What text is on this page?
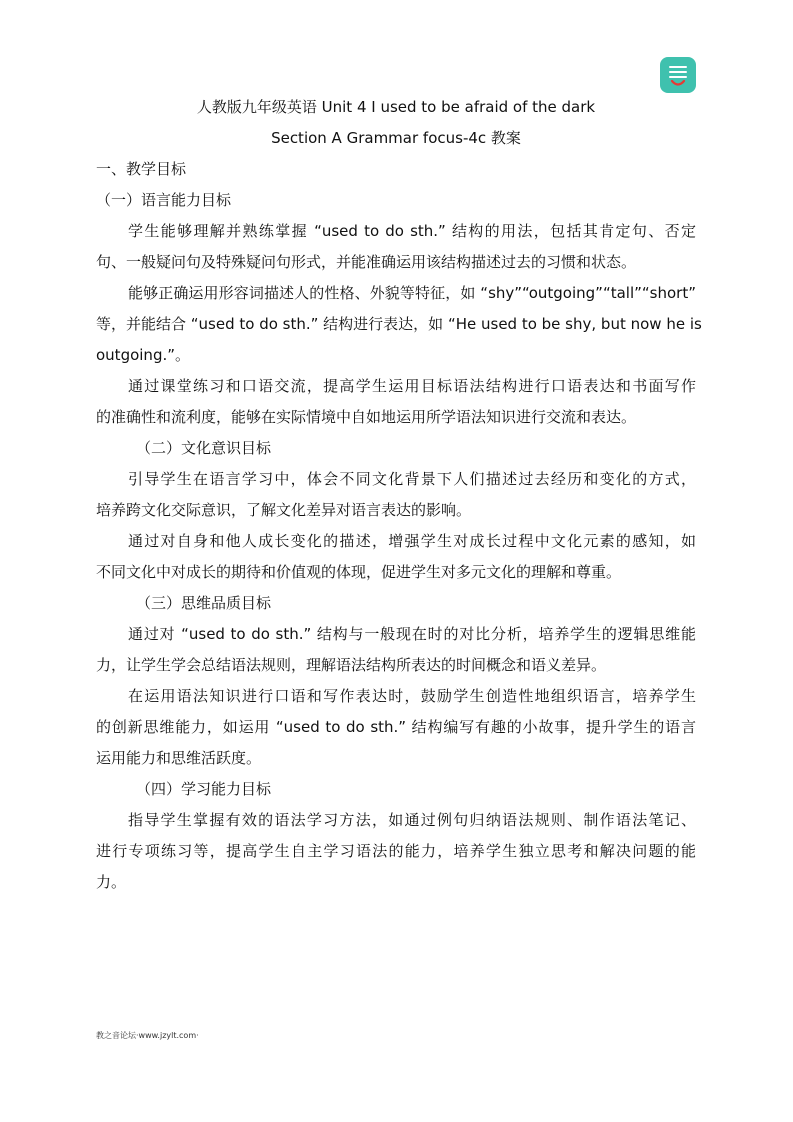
人教版九年级英语 Unit 4 I used to be afraid of the dark
Section A Grammar focus-4c 教案
一、教学目标
（一）语言能力目标
学生能够理解并熟练掌握 “used to do sth.” 结构的用法，包括其肯定句、否定
句、一般疑问句及特殊疑问句形式，并能准确运用该结构描述过去的习惯和状态。
能够正确运用形容词描述人的性格、外貌等特征，如 “shy”“outgoing”“tall”“short”
等，并能结合 “used to do sth.” 结构进行表达，如 “He used to be shy, but now he is
outgoing.”。
通过课堂练习和口语交流，提高学生运用目标语法结构进行口语表达和书面写作
的准确性和流利度，能够在实际情境中自如地运用所学语法知识进行交流和表达。
（二）文化意识目标
引导学生在语言学习中，体会不同文化背景下人们描述过去经历和变化的方式，
培养跨文化交际意识，了解文化差异对语言表达的影响。
通过对自身和他人成长变化的描述，增强学生对成长过程中文化元素的感知，如
不同文化中对成长的期待和价值观的体现，促进学生对多元文化的理解和尊重。
（三）思维品质目标
通过对 “used to do sth.” 结构与一般现在时的对比分析，培养学生的逻辑思维能
力，让学生学会总结语法规则，理解语法结构所表达的时间概念和语义差异。
在运用语法知识进行口语和写作表达时，鼓励学生创造性地组织语言，培养学生
的创新思维能力，如运用 “used to do sth.” 结构编写有趣的小故事，提升学生的语言
运用能力和思维活跃度。
（四）学习能力目标
指导学生掌握有效的语法学习方法，如通过例句归纳语法规则、制作语法笔记、
进行专项练习等，提高学生自主学习语法的能力，培养学生独立思考和解决问题的能
力。
教之音论坛·www.jzylt.com·
